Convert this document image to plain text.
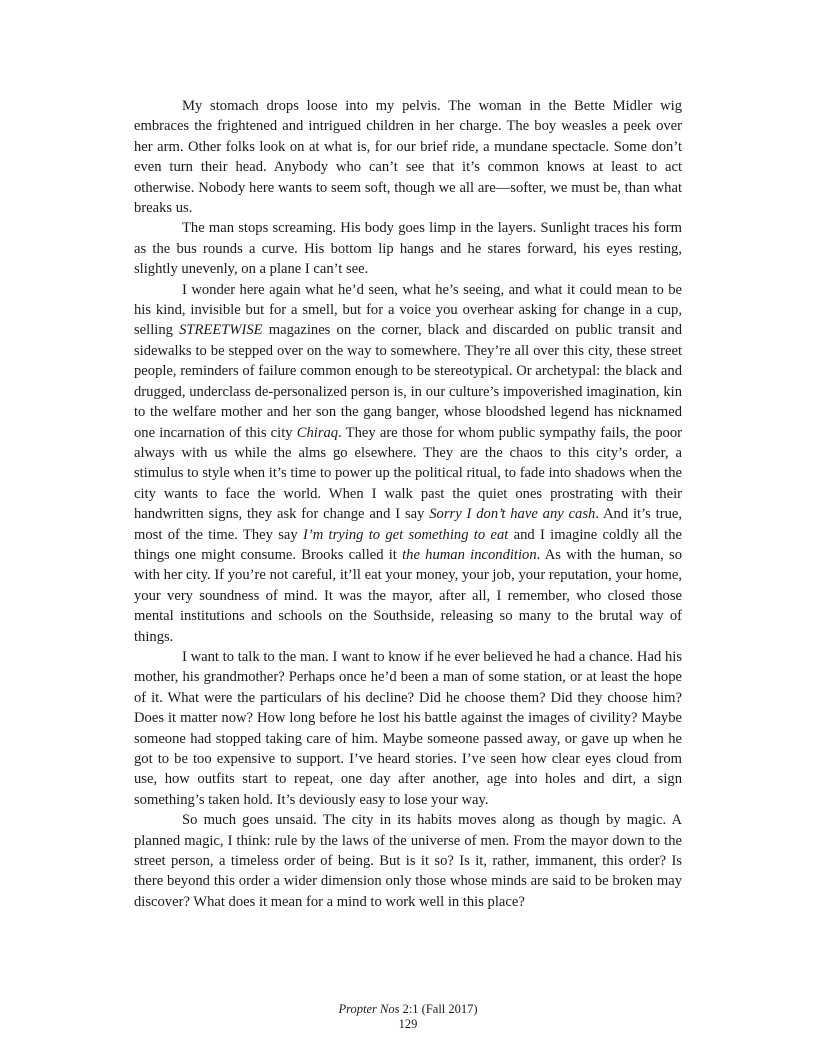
My stomach drops loose into my pelvis. The woman in the Bette Midler wig embraces the frightened and intrigued children in her charge. The boy weasles a peek over her arm. Other folks look on at what is, for our brief ride, a mundane spectacle. Some don’t even turn their head. Anybody who can’t see that it’s common knows at least to act otherwise. Nobody here wants to seem soft, though we all are—softer, we must be, than what breaks us.

The man stops screaming. His body goes limp in the layers. Sunlight traces his form as the bus rounds a curve. His bottom lip hangs and he stares forward, his eyes resting, slightly unevenly, on a plane I can’t see.

I wonder here again what he’d seen, what he’s seeing, and what it could mean to be his kind, invisible but for a smell, but for a voice you overhear asking for change in a cup, selling STREETWISE magazines on the corner, black and discarded on public transit and sidewalks to be stepped over on the way to somewhere. They’re all over this city, these street people, reminders of failure common enough to be stereotypical. Or archetypal: the black and drugged, underclass de-personalized person is, in our culture’s impoverished imagination, kin to the welfare mother and her son the gang banger, whose bloodshed legend has nicknamed one incarnation of this city Chiraq. They are those for whom public sympathy fails, the poor always with us while the alms go elsewhere. They are the chaos to this city’s order, a stimulus to style when it’s time to power up the political ritual, to fade into shadows when the city wants to face the world. When I walk past the quiet ones prostrating with their handwritten signs, they ask for change and I say Sorry I don’t have any cash. And it’s true, most of the time. They say I’m trying to get something to eat and I imagine coldly all the things one might consume. Brooks called it the human incondition. As with the human, so with her city. If you’re not careful, it’ll eat your money, your job, your reputation, your home, your very soundness of mind. It was the mayor, after all, I remember, who closed those mental institutions and schools on the Southside, releasing so many to the brutal way of things.

I want to talk to the man. I want to know if he ever believed he had a chance. Had his mother, his grandmother? Perhaps once he’d been a man of some station, or at least the hope of it. What were the particulars of his decline? Did he choose them? Did they choose him? Does it matter now? How long before he lost his battle against the images of civility? Maybe someone had stopped taking care of him. Maybe someone passed away, or gave up when he got to be too expensive to support. I’ve heard stories. I’ve seen how clear eyes cloud from use, how outfits start to repeat, one day after another, age into holes and dirt, a sign something’s taken hold. It’s deviously easy to lose your way.

So much goes unsaid. The city in its habits moves along as though by magic. A planned magic, I think: rule by the laws of the universe of men. From the mayor down to the street person, a timeless order of being. But is it so? Is it, rather, immanent, this order? Is there beyond this order a wider dimension only those whose minds are said to be broken may discover? What does it mean for a mind to work well in this place?

Propter Nos 2:1 (Fall 2017)
129
